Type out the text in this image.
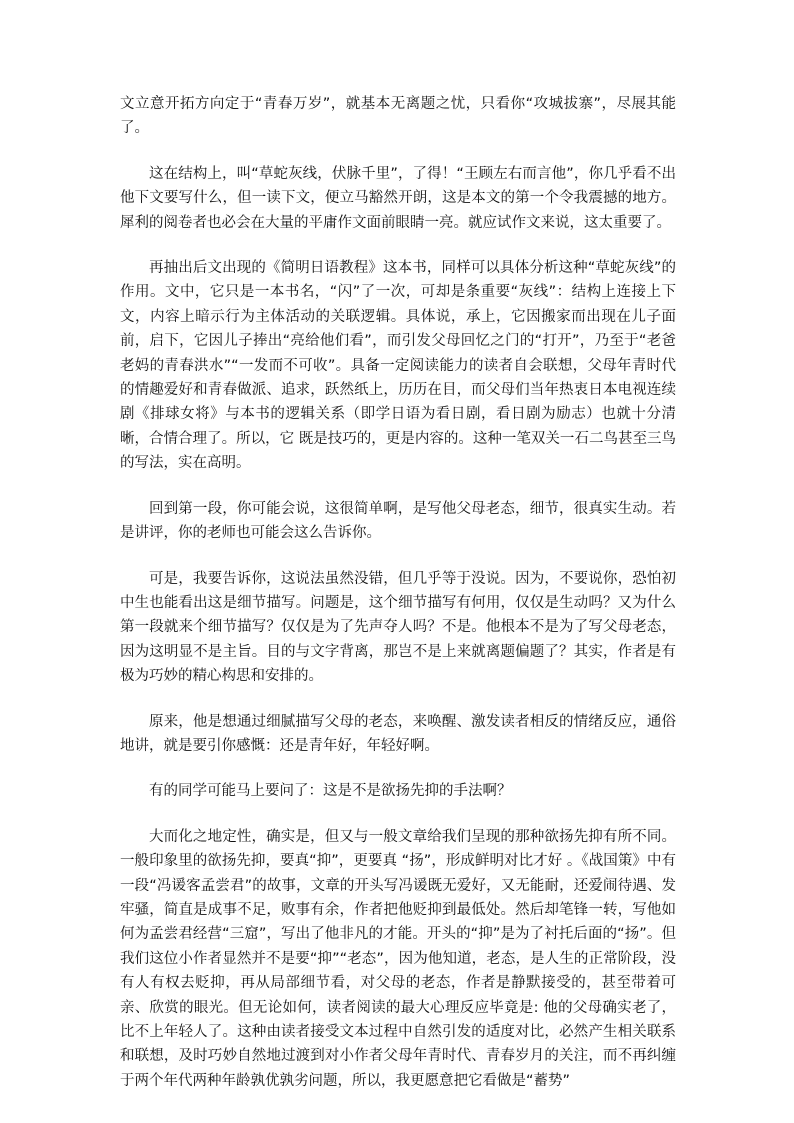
文立意开拓方向定于“青春万岁”，就基本无离题之忧，只看你“攻城拔寨”，尽展其能了。

这在结构上，叫“草蛇灰线，伏脉千里”，了得！“王顾左右而言他”，你几乎看不出他下文要写什么，但一读下文，便立马豁然开朗，这是本文的第一个令我震撼的地方。犀利的阅卷者也必会在大量的平庸作文面前眼睛一亮。就应试作文来说，这太重要了。

再抽出后文出现的《简明日语教程》这本书，同样可以具体分析这种“草蛇灰线”的作用。文中，它只是一本书名，“闪”了一次，可却是条重要“灰线”：结构上连接上下文，内容上暗示行为主体活动的关联逻辑。具体说，承上，它因搬家而出现在儿子面前，启下，它因儿子捧出“亮给他们看”，而引发父母回忆之门的“打开”，乃至于“老爸老妈的青春洪水”“一发而不可收”。具备一定阅读能力的读者自会联想，父母年青时代的情趣爱好和青春做派、追求，跃然纸上，历历在目，而父母们当年热衷日本电视连续剧《排球女将》与本书的逻辑关系（即学日语为看日剧，看日剧为励志）也就十分清晰，合情合理了。所以，它 既是技巧的，更是内容的。这种一笔双关一石二鸟甚至三鸟的写法，实在高明。

回到第一段，你可能会说，这很简单啊，是写他父母老态，细节，很真实生动。若是讲评，你的老师也可能会这么告诉你。

可是，我要告诉你，这说法虽然没错，但几乎等于没说。因为，不要说你，恐怕初中生也能看出这是细节描写。问题是，这个细节描写有何用，仅仅是生动吗？又为什么第一段就来个细节描写？仅仅是为了先声夺人吗？不是。他根本不是为了写父母老态，因为这明显不是主旨。目的与文字背离，那岂不是上来就离题偏题了？其实，作者是有极为巧妙的精心构思和安排的。

原来，他是想通过细腻描写父母的老态，来唤醒、激发读者相反的情绪反应，通俗地讲，就是要引你感慨：还是青年好，年轻好啊。

有的同学可能马上要问了：这是不是欲扬先抑的手法啊？

大而化之地定性，确实是，但又与一般文章给我们呈现的那种欲扬先抑有所不同。一般印象里的欲扬先抑，要真“抑”，更要真 “扬”，形成鲜明对比才好 。《战国策》中有一段“冯谖客孟尝君”的故事，文章的开头写冯谖既无爱好，又无能耐，还爱闹待遇、发牢骚，简直是成事不足，败事有余，作者把他贬抑到最低处。然后却笔锋一转，写他如何为孟尝君经营“三窟”，写出了他非凡的才能。开头的“抑”是为了衬托后面的“扬”。但我们这位小作者显然并不是要“抑”“老态”，因为他知道，老态，是人生的正常阶段，没有人有权去贬抑，再从局部细节看，对父母的老态，作者是静默接受的，甚至带着可亲、欣赏的眼光。但无论如何，读者阅读的最大心理反应毕竟是: 他的父母确实老了，比不上年轻人了。这种由读者接受文本过程中自然引发的适度对比，必然产生相关联系和联想，及时巧妙自然地过渡到对小作者父母年青时代、青春岁月的关注，而不再纠缠于两个年代两种年龄孰优孰劣问题，所以，我更愿意把它看做是“蓄势”
